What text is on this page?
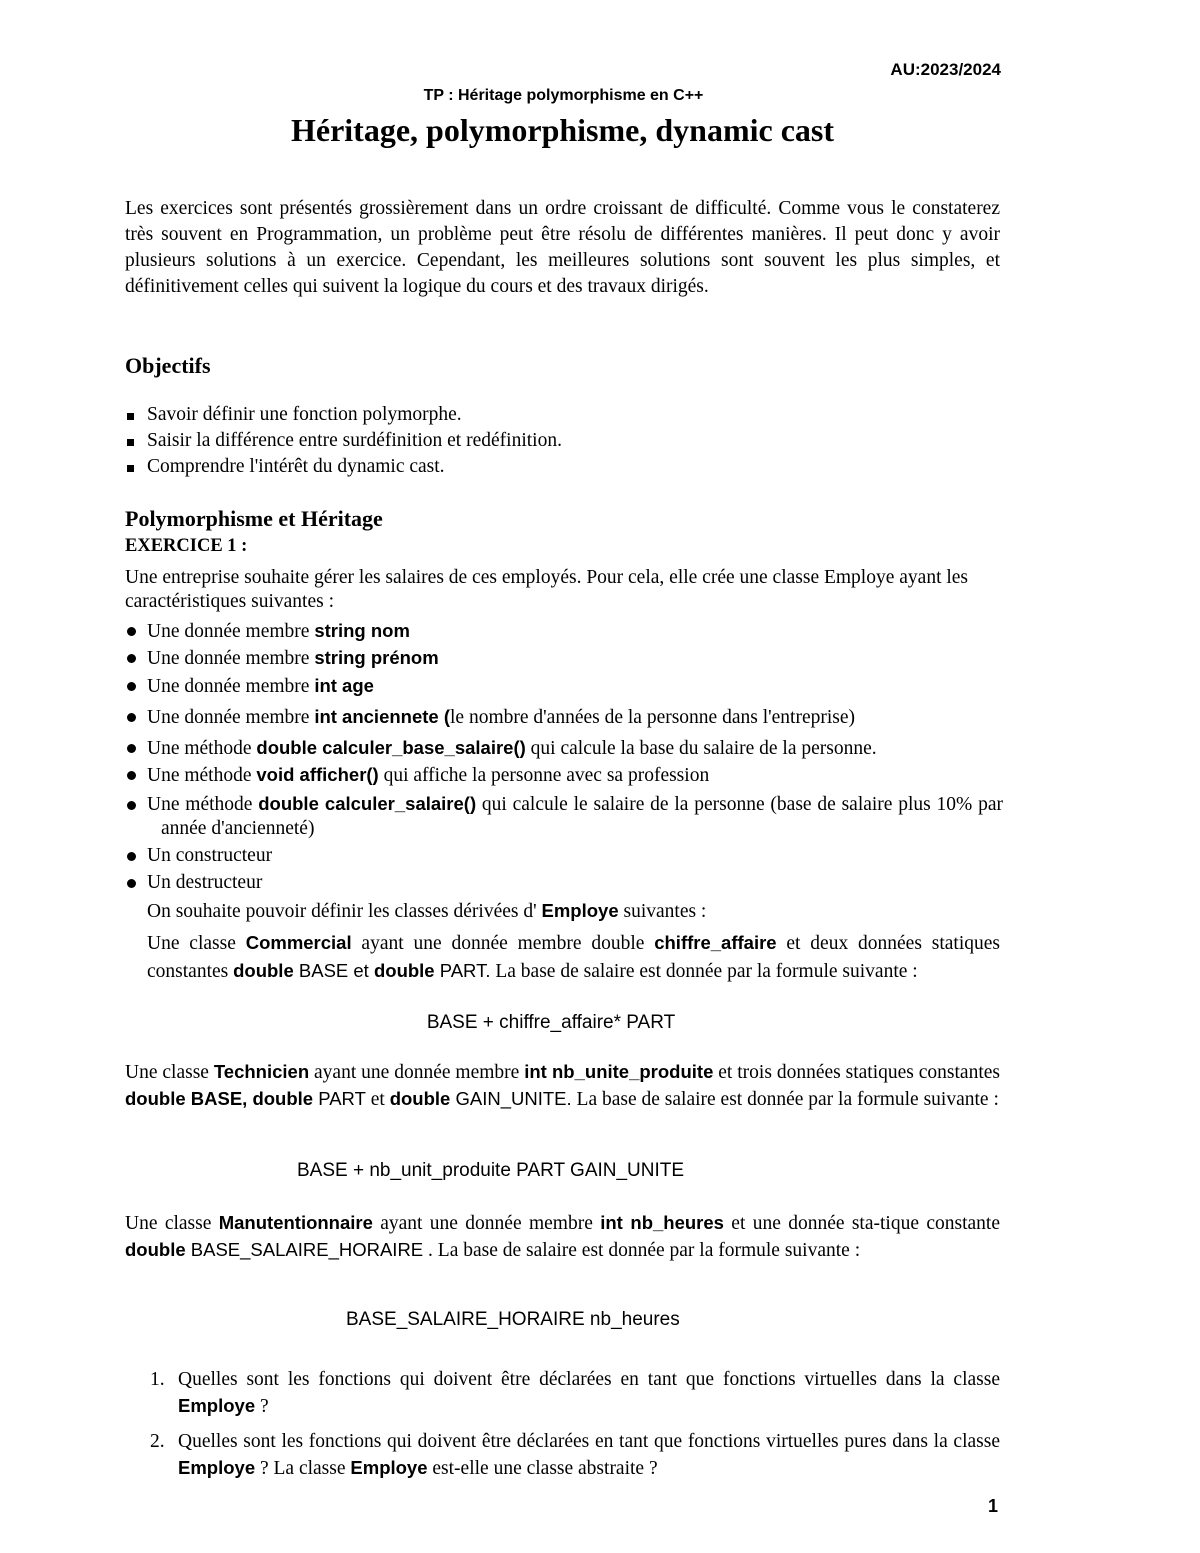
AU:2023/2024
TP : Héritage polymorphisme en C++
Héritage, polymorphisme, dynamic cast

Les exercices sont présentés grossièrement dans un ordre croissant de difficulté. Comme vous le constaterez très souvent en Programmation, un problème peut être résolu de différentes manières. Il peut donc y avoir plusieurs solutions à un exercice. Cependant, les meilleures solutions sont souvent les plus simples, et définitivement celles qui suivent la logique du cours et des travaux dirigés.

Objectifs
Savoir définir une fonction polymorphe.
Saisir la différence entre surdéfinition et redéfinition.
Comprendre l'intérêt du dynamic cast.
Polymorphisme et Héritage
EXERCICE 1 :

Une entreprise souhaite gérer les salaires de ces employés. Pour cela, elle crée une classe Employe ayant les caractéristiques suivantes :

Une donnée membre string nom
Une donnée membre string prénom
Une donnée membre int age
Une donnée membre int anciennete (le nombre d'années de la personne dans l'entreprise)
Une méthode double calculer_base_salaire() qui calcule la base du salaire de la personne.
Une méthode void afficher() qui affiche la personne avec sa profession
Une méthode double calculer_salaire() qui calcule le salaire de la personne (base de salaire plus 10% par année d'ancienneté)
Un constructeur
Un destructeur

On souhaite pouvoir définir les classes dérivées d' Employe suivantes :

Une classe Commercial ayant une donnée membre double chiffre_affaire et deux données statiques constantes double BASE et double PART. La base de salaire est donnée par la formule suivante :

BASE + chiffre_affaire* PART

Une classe Technicien ayant une donnée membre int nb_unite_produite et trois données statiques constantes double BASE, double PART et double GAIN_UNITE. La base de salaire est donnée par la formule suivante :

BASE + nb_unit_produite PART GAIN_UNITE

Une classe Manutentionnaire ayant une donnée membre int nb_heures et une donnée sta-tique constante double BASE_SALAIRE_HORAIRE . La base de salaire est donnée par la formule suivante :

BASE_SALAIRE_HORAIRE nb_heures
1. Quelles sont les fonctions qui doivent être déclarées en tant que fonctions virtuelles dans la classe Employe ?
2. Quelles sont les fonctions qui doivent être déclarées en tant que fonctions virtuelles pures dans la classe Employe ? La classe Employe est-elle une classe abstraite ?
1
